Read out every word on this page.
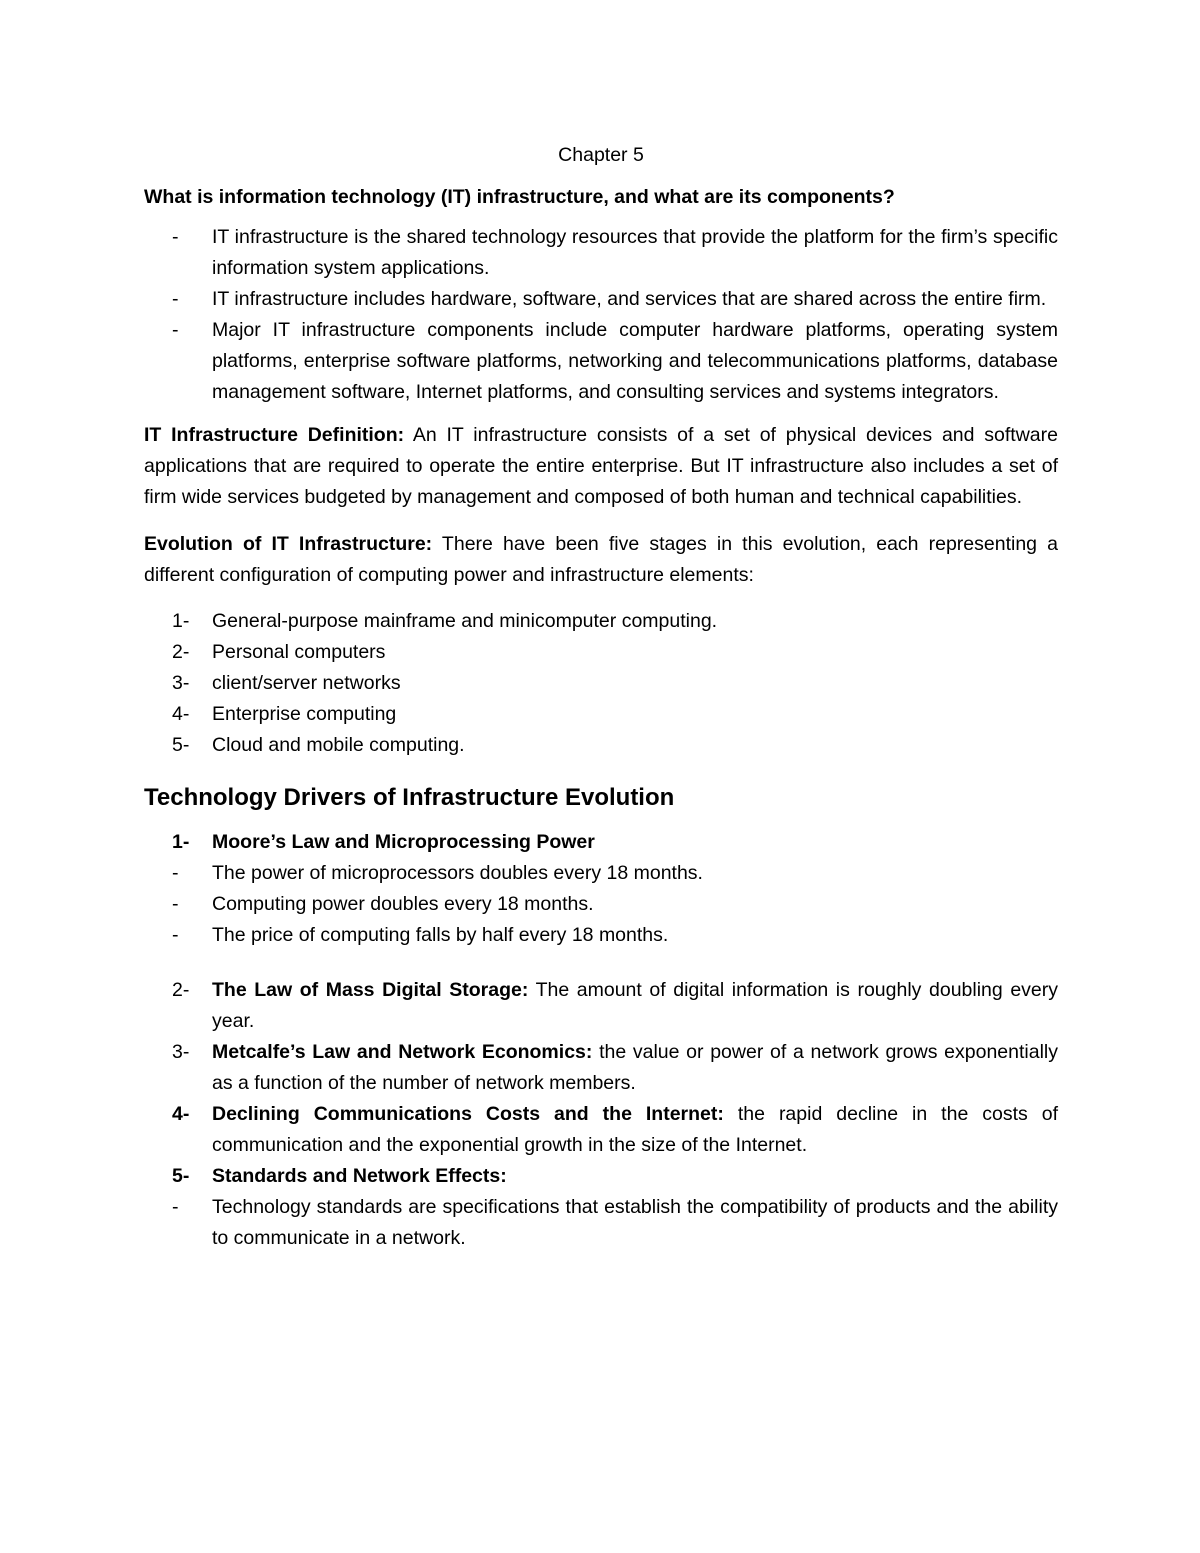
Chapter 5
What is information technology (IT) infrastructure, and what are its components?
-	IT infrastructure is the shared technology resources that provide the platform for the firm’s specific information system applications.
-	IT infrastructure includes hardware, software, and services that are shared across the entire firm.
-	Major IT infrastructure components include computer hardware platforms, operating system platforms, enterprise software platforms, networking and telecommunications platforms, database management software, Internet platforms, and consulting services and systems integrators.
IT Infrastructure Definition: An IT infrastructure consists of a set of physical devices and software applications that are required to operate the entire enterprise. But IT infrastructure also includes a set of firm wide services budgeted by management and composed of both human and technical capabilities.
Evolution of IT Infrastructure: There have been five stages in this evolution, each representing a different configuration of computing power and infrastructure elements:
1- General-purpose mainframe and minicomputer computing.
2- Personal computers
3- client/server networks
4- Enterprise computing
5- Cloud and mobile computing.
Technology Drivers of Infrastructure Evolution
1- Moore’s Law and Microprocessing Power
-	The power of microprocessors doubles every 18 months.
-	Computing power doubles every 18 months.
-	The price of computing falls by half every 18 months.
2- The Law of Mass Digital Storage: The amount of digital information is roughly doubling every year.
3- Metcalfe’s Law and Network Economics: the value or power of a network grows exponentially as a function of the number of network members.
4- Declining Communications Costs and the Internet: the rapid decline in the costs of communication and the exponential growth in the size of the Internet.
5- Standards and Network Effects:
-	Technology standards are specifications that establish the compatibility of products and the ability to communicate in a network.
